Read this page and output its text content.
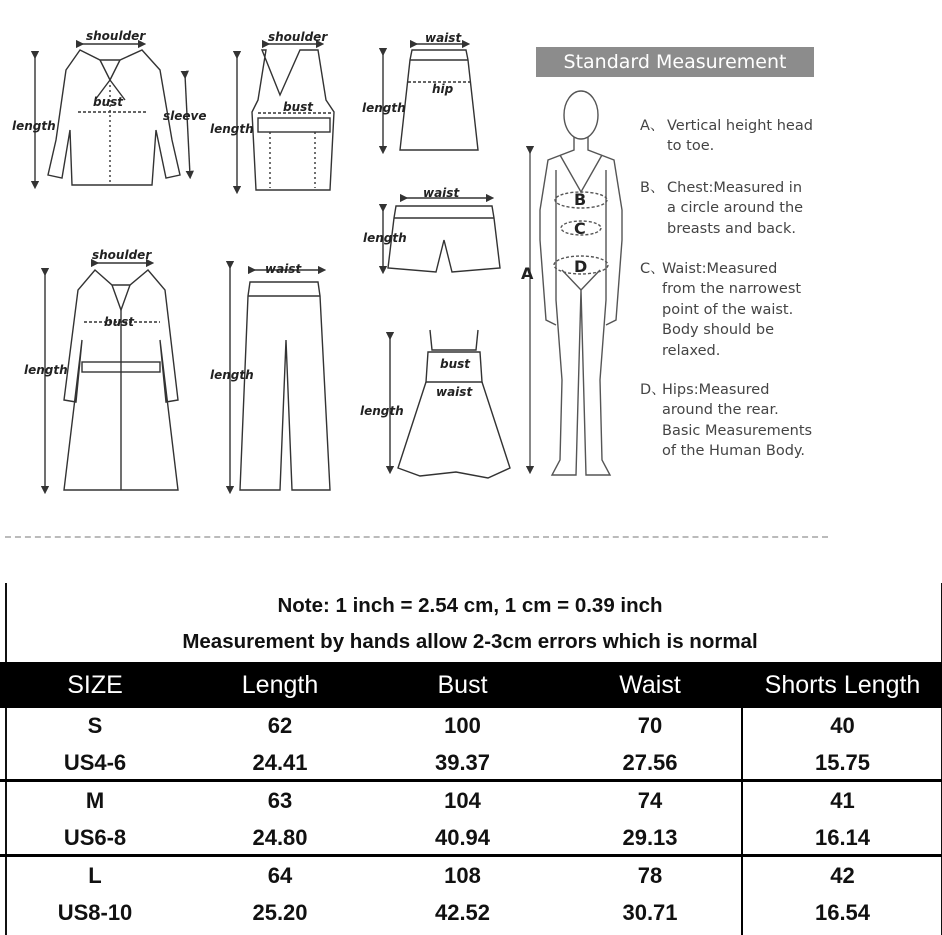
shoulder
bust
length
sleeve
shoulder
bust
length
waist
hip
length
waist
length
shoulder
bust
length
waist
length
bust
waist
length
A
B
C
D
Standard Measurement

A、 Vertical height head
to toe.

B、 Chest:Measured in
a circle around the
breasts and back.

C、

Waist:Measured
from the narrowest
point of the waist.
Body should be
relaxed.

D、

Hips:Measured
around the rear.
Basic Measurements
of the Human Body.

Note: 1 inch = 2.54 cm, 1 cm = 0.39 inch
Measurement by hands allow 2-3cm errors which is normal
SIZE	Length	Bust	Waist	Shorts Length
S	62	100	70	40
US4-6	24.41	39.37	27.56	15.75
M	63	104	74	41
US6-8	24.80	40.94	29.13	16.14
L	64	108	78	42
US8-10	25.20	42.52	30.71	16.54
